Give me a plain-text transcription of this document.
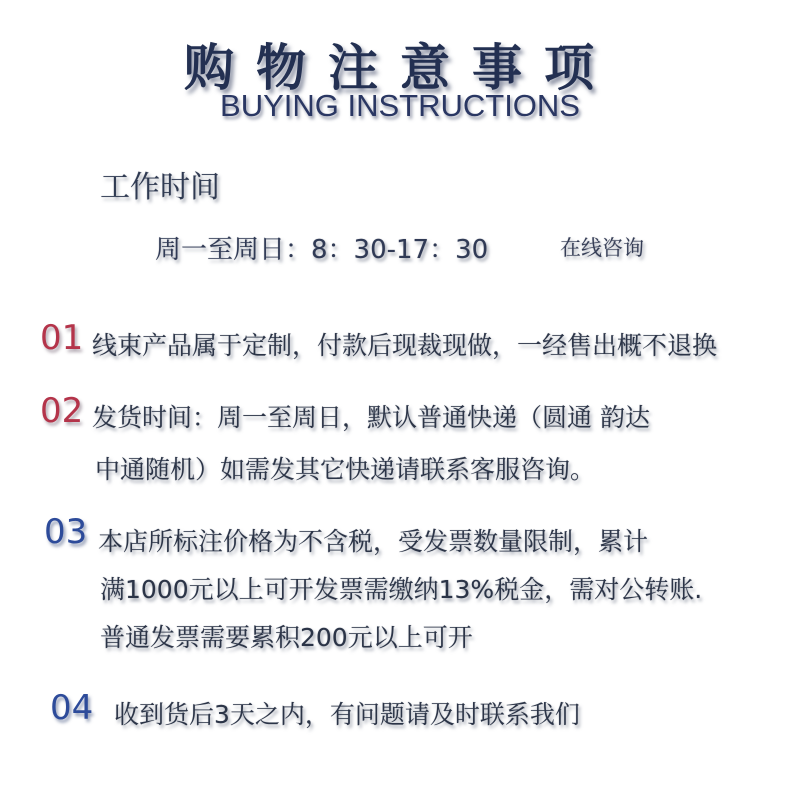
购物注意事项
BUYING INSTRUCTIONS
工作时间
周一至周日：8：30-17：30	在线咨询
01 线束产品属于定制，付款后现裁现做，一经售出概不退换
02 发货时间：周一至周日，默认普通快递（圆通 韵达
中通随机）如需发其它快递请联系客服咨询。
03 本店所标注价格为不含税，受发票数量限制，累计
满1000元以上可开发票需缴纳13%税金，需对公转账.
普通发票需要累积200元以上可开
04 收到货后3天之内，有问题请及时联系我们
